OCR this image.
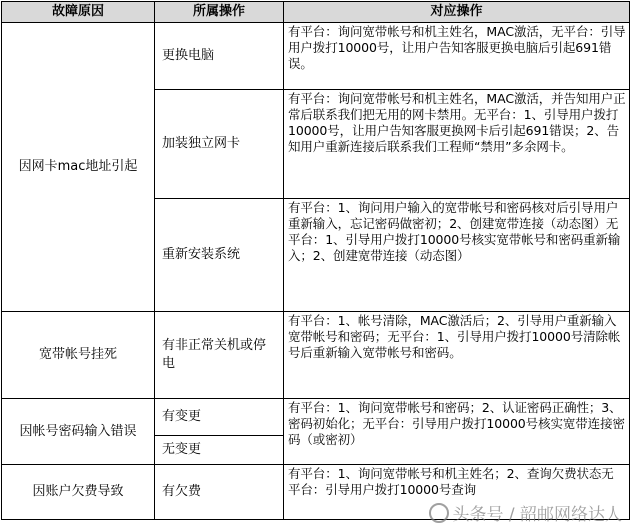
故障原因	所属操作	对应操作
因网卡mac地址引起	更换电脑	有平台：询问宽带帐号和机主姓名，MAC激活，无平台：引导用户拨打10000号，让用户告知客服更换电脑后引起691错误。
	加装独立网卡	有平台：询问宽带帐号和机主姓名，MAC激活，并告知用户正常后联系我们把无用的网卡禁用。无平台：1、引导用户拨打10000号，让用户告知客服更换网卡后引起691错误；2、告知用户重新连接后联系我们工程师“禁用”多余网卡。
	重新安装系统	有平台：1、询问用户输入的宽带帐号和密码核对后引导用户重新输入，忘记密码做密初；2、创建宽带连接（动态图）无平台：1、引导用户拨打10000号核实宽带帐号和密码重新输入；2、创建宽带连接（动态图）
宽带帐号挂死	有非正常关机或停电	有平台：1、帐号清除，MAC激活后；2、引导用户重新输入宽带帐号和密码；无平台：1、引导用户拨打10000号清除帐号后重新输入宽带帐号和密码。
因帐号密码输入错误	有变更	有平台：1、询问宽带帐号和密码；2、认证密码正确性；3、密码初始化；无平台：引导用户拨打10000号核实宽带连接密码（或密初）
	无变更	
因账户欠费导致	有欠费	有平台：1、询问宽带帐号和机主姓名；2、查询欠费状态无平台：引导用户拨打10000号查询
头条号 / 韶邮网络达人
